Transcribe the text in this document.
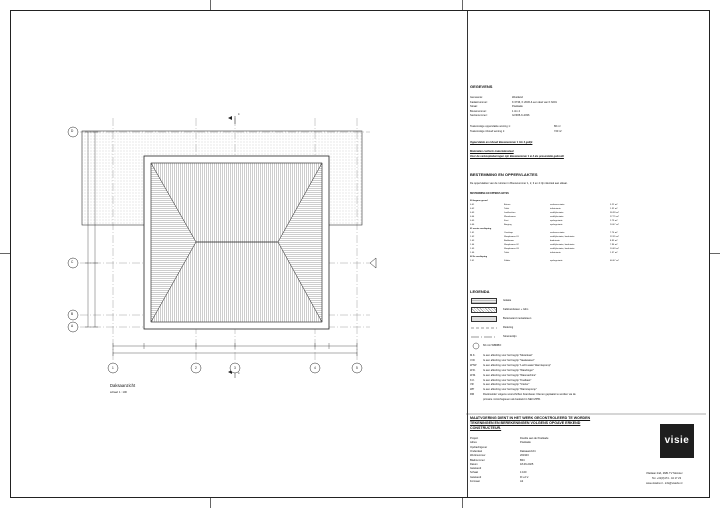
D
C
B
A
1	2	3	4	5
4
4
Daksaanzicht
schaal: 1 : 100
GEGEVENS
Gemeente:	Westland
Kadastrummer:	K 6736, K 2036 & een deel van K 6201
Straat:	Poelkade
Bouwnummer:	1 t/m 4
Sectienummer:	GVZ05-K-2036
Toekomstige oppervlakte woning 1:	86 m²
Toekomstige inhoud woning 1:	720 m³
Oppervlakte en inhoud Bouwnummer 1 t/m 4 gelijk
Materialen conform materialenstaat
Voor de verkooptekeningen zijn Bouwnummer 1 & 2 als presentatie gebruikt
BESTEMMING EN OPPERVLAKTES
De oppervlakten van de ruimten in Bouwnummer 1, 2, 3 en 4 zijn identiek aan elkaar.
BESTEMMING EN OPPERVLAKTES
00 begane grond
0.01	Entree	verkeersruimte	5.22 m²
0.02	Toilet	toiletruimte	1.32 m²
0.03	Leefkeuken	verblijfsruimte	36.99 m²
0.04	Woonkamer	verblijfsruimte	27.75 m²
0.05	Kast	opslagruimte	2.79 m²
0.06	Berging	opslagruimte	24.47 m²
01 eerste verdieping
1.01	Overloop	verkeersruimte	7.76 m²
1.02	Slaapkamer 01	verblijfsruimte, bedruimte	22.35 m²
1.03	Badkamer	badruimte	8.93 m²
1.04	Slaapkamer 02	verblijfsruimte, bedruimte	7.96 m²
1.05	Slaapkamer 03	verblijfsruimte, bedruimte	10.49 m²
1.06	Toilet	toiletruimte	1.37 m²
02 2e verdieping
2.01	Zolder	opslagruimte	46.67 m²
LEGENDA
Isolatie
Kalkzandsteen + Glim
Buitenwand metselsteen
Riolering
Stramienlijn
60 min WBDBO
M.K.	Is een afkorting voor het begrip "Meterkast"
V.W.	Is een afkorting voor het begrip "Vaatwasser"
WTW	Is een afkorting voor het begrip "Lucht-water Warmtepomp"
W.D.	Is een afkorting voor het begrip "Wasdroger"
W.M.	Is een afkorting voor het begrip "Wasmachine"
K.K.	Is een afkorting voor het begrip "Koelkast"
VR	Is een afkorting voor het begrip "Vriezer"
WP	Is een afkorting voor het begrip "Warmtepomp"
RM	Rookmelder volgens voorschriften brandweer. Dienen geplaatst te worden via de
primaire minimhsgieuen als bedoeld in NEN 2555.
MAATVOERING DIENT IN HET WERK GECONTROLEERD TE WORDEN
TEKENINGEN EN BEREKENINGEN VOLGENS OPGAVE ERKEND
CONSTRUCTEUR.
Project	Double aan de Poelkade
Adres	Poelkade
Opdrachtgever
Onderdeel	Daksaanzicht
Werknummer	201903
Bladnummer	B04
Datum	18-06-2025
Getekend
Schaal	1:100
Getekend	R.v.d.V.
Formaat	A2
visie
Vlietlaan 24A, 2681 TV Monster
Tel. +31(0)174 - 44 17 23
www.visiebv.nl - info@visiebv.nl
